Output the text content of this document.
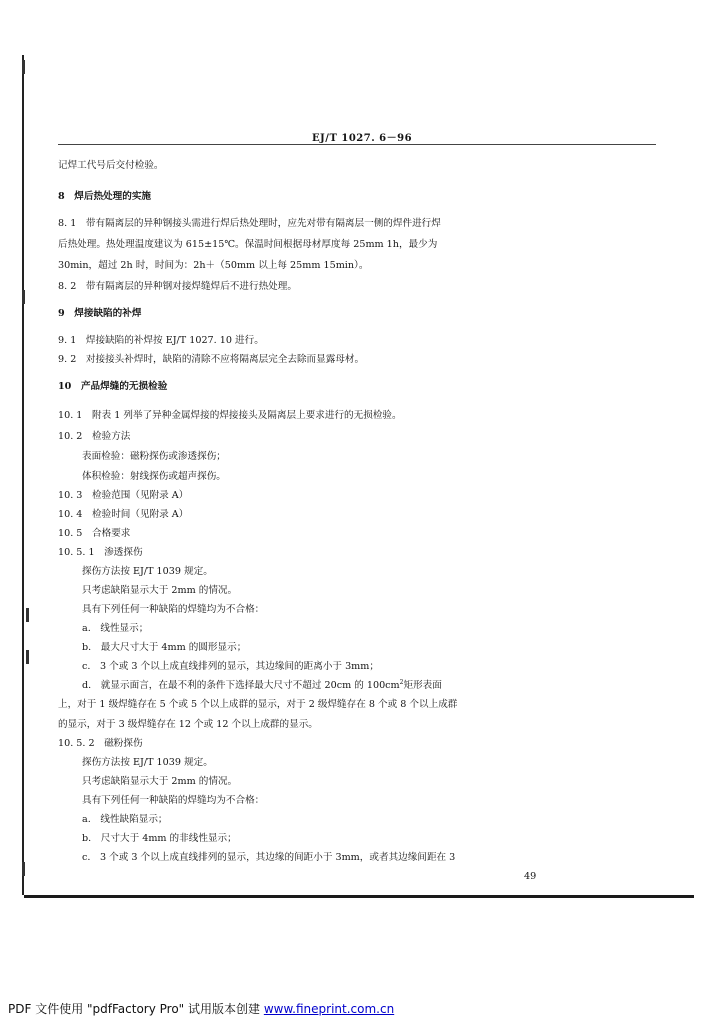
EJ/T 1027. 6－96
记焊工代号后交付检验。
8　焊后热处理的实施
8. 1　带有隔离层的异种钢接头需进行焊后热处理时，应先对带有隔离层一侧的焊件进行焊
后热处理。热处理温度建议为 615±15℃。保温时间根据母材厚度每 25mm 1h，最少为
30min，超过 2h 时，时间为：2h＋（50mm 以上每 25mm 15min）。
8. 2　带有隔离层的异种钢对接焊缝焊后不进行热处理。
9　焊接缺陷的补焊
9. 1　焊接缺陷的补焊按 EJ/T 1027. 10 进行。
9. 2　对接接头补焊时，缺陷的清除不应将隔离层完全去除而显露母材。
10　产品焊缝的无损检验
10. 1　附表 1 列举了异种金属焊接的焊接接头及隔离层上要求进行的无损检验。
10. 2　检验方法
表面检验：磁粉探伤或渗透探伤；
体积检验：射线探伤或超声探伤。
10. 3　检验范围（见附录 A）
10. 4　检验时间（见附录 A）
10. 5　合格要求
10. 5. 1　渗透探伤
探伤方法按 EJ/T 1039 规定。
只考虑缺陷显示大于 2mm 的情况。
具有下列任何一种缺陷的焊缝均为不合格：
a.　线性显示；
b.　最大尺寸大于 4mm 的圆形显示；
c.　3 个或 3 个以上成直线排列的显示，其边缘间的距离小于 3mm；
d.　就显示面言，在最不利的条件下选择最大尺寸不超过 20cm 的 $100cm^2$矩形表面
上，对于 1 级焊缝存在 5 个或 5 个以上成群的显示，对于 2 级焊缝存在 8 个或 8 个以上成群
的显示，对于 3 级焊缝存在 12 个或 12 个以上成群的显示。
10. 5. 2　磁粉探伤
探伤方法按 EJ/T 1039 规定。
只考虑缺陷显示大于 2mm 的情况。
具有下列任何一种缺陷的焊缝均为不合格：
a.　线性缺陷显示；
b.　尺寸大于 4mm 的非线性显示；
c.　3 个或 3 个以上成直线排列的显示，其边缘的间距小于 3mm，或者其边缘间距在 3
49
PDF 文件使用 "pdfFactory Pro" 试用版本创建 www.fineprint.com.cn
